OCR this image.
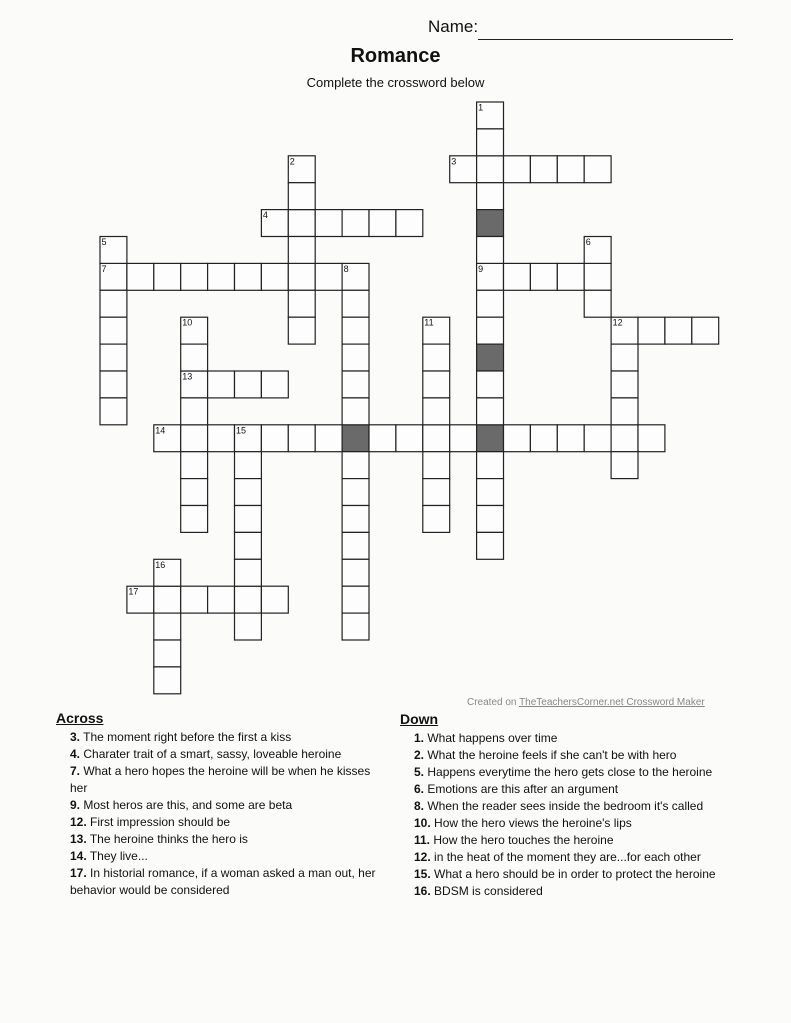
Name:
Romance
Complete the crossword below
3
4
7	9
12
13
14
17
1
2
5	6
8
10	11
15
16
Created on TheTeachersCorner.net Crossword Maker
Across
3. The moment right before the first a kiss
4. Charater trait of a smart, sassy, loveable heroine
7. What a hero hopes the heroine will be when he kisses her
9. Most heros are this, and some are beta
12. First impression should be
13. The heroine thinks the hero is
14. They live...
17. In historial romance, if a woman asked a man out, her behavior would be considered
Down
1. What happens over time
2. What the heroine feels if she can't be with hero
5. Happens everytime the hero gets close to the heroine
6. Emotions are this after an argument
8. When the reader sees inside the bedroom it's called
10. How the hero views the heroine's lips
11. How the hero touches the heroine
12. in the heat of the moment they are...for each other
15. What a hero should be in order to protect the heroine
16. BDSM is considered
